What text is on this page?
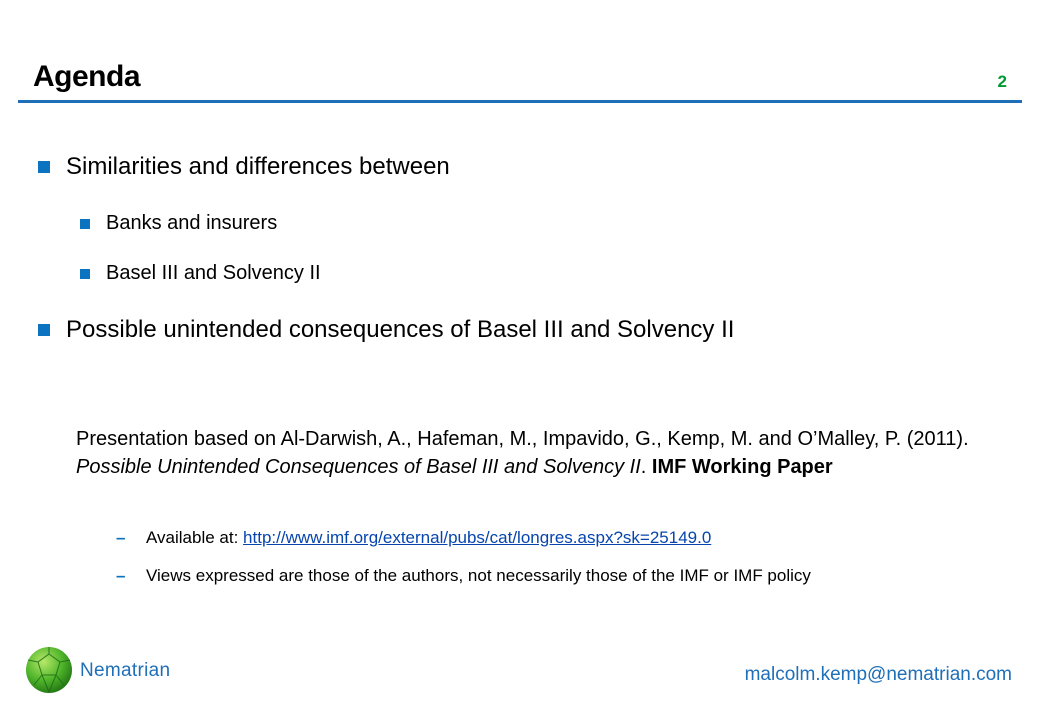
Agenda	2
Similarities and differences between
Banks and insurers
Basel III and Solvency II
Possible unintended consequences of Basel III and Solvency II
Presentation based on Al-Darwish, A., Hafeman, M., Impavido, G., Kemp, M. and O’Malley, P. (2011). Possible Unintended Consequences of Basel III and Solvency II. IMF Working Paper
–	Available at:
http://www.imf.org/external/pubs/cat/longres.aspx?sk=25149.0
–	Views expressed are those of the authors, not necessarily those of the IMF or IMF policy
Nematrian	malcolm.kemp@nematrian.com
